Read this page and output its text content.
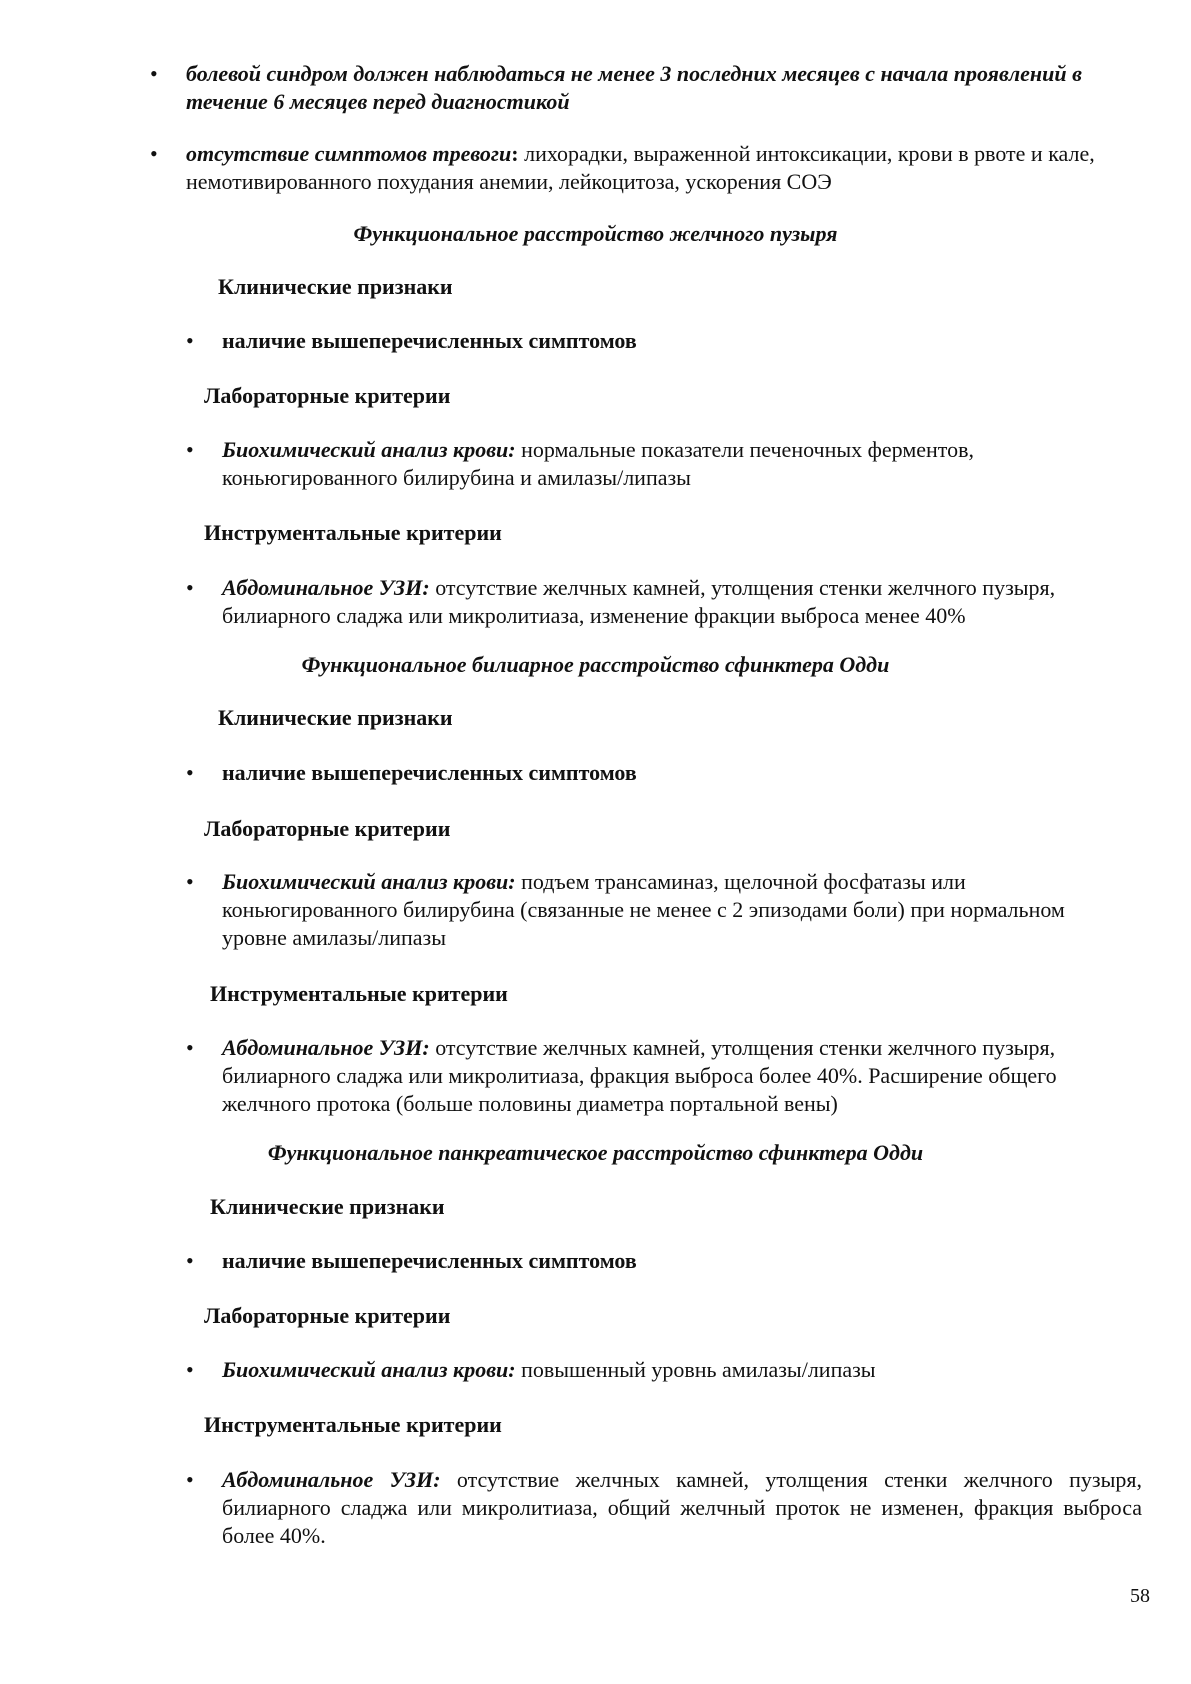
• болевой синдром должен наблюдаться не менее 3 последних месяцев с начала проявлений в течение 6 месяцев перед диагностикой
• отсутствие симптомов тревоги: лихорадки, выраженной интоксикации, крови в рвоте и кале, немотивированного похудания анемии, лейкоцитоза, ускорения СОЭ
Функциональное расстройство желчного пузыря
Клинические признаки
• наличие вышеперечисленных симптомов
Лабораторные критерии
• Биохимический анализ крови: нормальные показатели печеночных ферментов, коньюгированного билирубина и амилазы/липазы
Инструментальные критерии
• Абдоминальное УЗИ: отсутствие желчных камней, утолщения стенки желчного пузыря, билиарного сладжа или микролитиаза, изменение фракции выброса менее 40%
Функциональное билиарное расстройство сфинктера Одди
Клинические признаки
• наличие вышеперечисленных симптомов
Лабораторные критерии
• Биохимический анализ крови: подъем трансаминаз, щелочной фосфатазы или коньюгированного билирубина (связанные не менее с 2 эпизодами боли) при нормальном уровне амилазы/липазы
Инструментальные критерии
• Абдоминальное УЗИ: отсутствие желчных камней, утолщения стенки желчного пузыря, билиарного сладжа или микролитиаза, фракция выброса более 40%. Расширение общего желчного протока (больше половины диаметра портальной вены)
Функциональное панкреатическое расстройство сфинктера Одди
Клинические признаки
• наличие вышеперечисленных симптомов
Лабораторные критерии
• Биохимический анализ крови: повышенный уровнь амилазы/липазы
Инструментальные критерии
• Абдоминальное УЗИ: отсутствие желчных камней, утолщения стенки желчного пузыря, билиарного сладжа или микролитиаза, общий желчный проток не изменен, фракция выброса более 40%.
58
